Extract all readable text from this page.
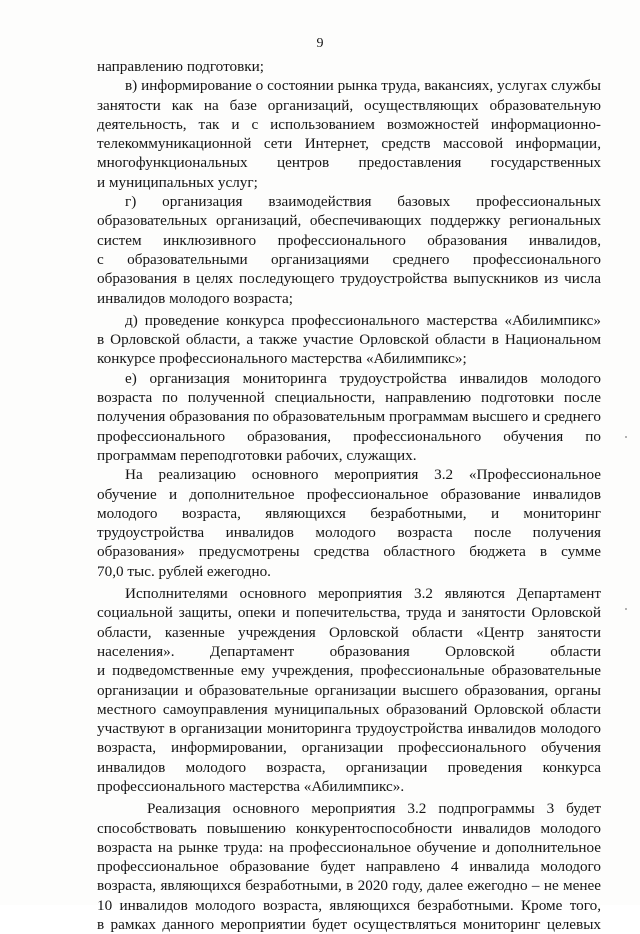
9
направлению подготовки;
в) информирование о состоянии рынка труда, вакансиях, услугах службы
занятости как на базе организаций, осуществляющих образовательную
деятельность, так и с использованием возможностей информационно-
телекоммуникационной сети Интернет, средств массовой информации,
многофункциональных центров предоставления государственных
и муниципальных услуг;
г) организация взаимодействия базовых профессиональных
образовательных организаций, обеспечивающих поддержку региональных
систем инклюзивного профессионального образования инвалидов,
с образовательными организациями среднего профессионального
образования в целях последующего трудоустройства выпускников из числа
инвалидов молодого возраста;
д) проведение конкурса профессионального мастерства «Абилимпикс»
в Орловской области, а также участие Орловской области в Национальном
конкурсе профессионального мастерства «Абилимпикс»;
е) организация мониторинга трудоустройства инвалидов молодого
возраста по полученной специальности, направлению подготовки после
получения образования по образовательным программам высшего и среднего
профессионального образования, профессионального обучения по
программам переподготовки рабочих, служащих.
На реализацию основного мероприятия 3.2 «Профессиональное
обучение и дополнительное профессиональное образование инвалидов
молодого возраста, являющихся безработными, и мониторинг
трудоустройства инвалидов молодого возраста после получения
образования» предусмотрены средства областного бюджета в сумме
70,0 тыс. рублей ежегодно.
Исполнителями основного мероприятия 3.2 являются Департамент
социальной защиты, опеки и попечительства, труда и занятости Орловской
области, казенные учреждения Орловской области «Центр занятости
населения». Департамент образования Орловской области
и подведомственные ему учреждения, профессиональные образовательные
организации и образовательные организации высшего образования, органы
местного самоуправления муниципальных образований Орловской области
участвуют в организации мониторинга трудоустройства инвалидов молодого
возраста, информировании, организации профессионального обучения
инвалидов молодого возраста, организации проведения конкурса
профессионального мастерства «Абилимпикс».
Реализация основного мероприятия 3.2 подпрограммы 3 будет
способствовать повышению конкурентоспособности инвалидов молодого
возраста на рынке труда: на профессиональное обучение и дополнительное
профессиональное образование будет направлено 4 инвалида молодого
возраста, являющихся безработными, в 2020 году, далее ежегодно – не менее
10 инвалидов молодого возраста, являющихся безработными. Кроме того,
в рамках данного мероприятии будет осуществляться мониторинг целевых
